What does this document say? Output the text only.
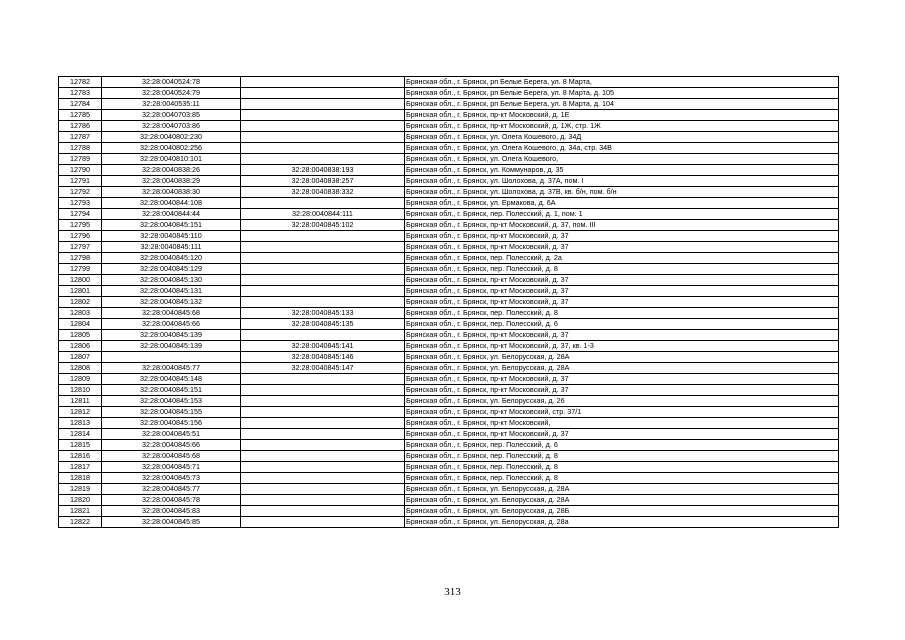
12782	32:28:0040524:78		Брянская обл., г. Брянск, рп Белые Берега, ул. 8 Марта,
12783	32:28:0040524:79		Брянская обл., г. Брянск, рп Белые Берега, ул. 8 Марта, д. 105
12784	32:28:0040535:11		Брянская обл., г. Брянск, рп Белые Берега, ул. 8 Марта, д. 104
12785	32:28:0040703:85		Брянская обл., г. Брянск, пр-кт Московский, д. 1Е
12786	32:28:0040703:86		Брянская обл., г. Брянск, пр-кт Московский, д. 1Ж, стр. 1Ж
12787	32:28:0040802:230		Брянская обл., г. Брянск, ул. Олега Кошевого, д. 34Д
12788	32:28:0040802:256		Брянская обл., г. Брянск, ул. Олега Кошевого, д. 34а, стр. 34В
12789	32:28:0040810:101		Брянская обл., г. Брянск, ул. Олега Кошевого,
12790	32:28:0040838:26	32:28:0040838:193	Брянская обл., г. Брянск, ул. Коммунаров, д. 35
12791	32:28:0040838:29	32:28:0040838:257	Брянская обл., г. Брянск, ул. Шолохова, д. 37А, пом. I
12792	32:28:0040838:30	32:28:0040838:332	Брянская обл., г. Брянск, ул. Шолохова, д. 37В, кв. б/н, пом. б/н
12793	32:28:0040844:108		Брянская обл., г. Брянск, ул. Ермакова, д. 6А
12794	32:28:0040844:44	32:28:0040844:111	Брянская обл., г. Брянск, пер. Полесский, д. 1, пом. 1
12795	32:28:0040845:151	32:28:0040845:102	Брянская обл., г. Брянск, пр-кт Московский, д. 37, пом. III
12796	32:28:0040845:110		Брянская обл., г. Брянск, пр-кт Московский, д. 37
12797	32:28:0040845:111		Брянская обл., г. Брянск, пр-кт Московский, д. 37
12798	32:28:0040845:120		Брянская обл., г. Брянск, пер. Полесский, д. 2а
12799	32:28:0040845:129		Брянская обл., г. Брянск, пер. Полесский, д. 8
12800	32:28:0040845:130		Брянская обл., г. Брянск, пр-кт Московский, д. 37
12801	32:28:0040845:131		Брянская обл., г. Брянск, пр-кт Московский, д. 37
12802	32:28:0040845:132		Брянская обл., г. Брянск, пр-кт Московский, д. 37
12803	32:28:0040845:68	32:28:0040845:133	Брянская обл., г. Брянск, пер. Полесский, д. 8
12804	32:28:0040845:66	32:28:0040845:135	Брянская обл., г. Брянск, пер. Полесский, д. 6
12805	32:28:0040845:139		Брянская обл., г. Брянск, пр-кт Московский, д. 37
12806	32:28:0040845:139	32:28:0040845:141	Брянская обл., г. Брянск, пр-кт Московский, д. 37, кв. 1-3
12807		32:28:0040845:146	Брянская обл., г. Брянск, ул. Белорусская, д. 28А
12808	32:28:0040845:77	32:28:0040845:147	Брянская обл., г. Брянск, ул. Белорусская, д. 28А
12809	32:28:0040845:148		Брянская обл., г. Брянск, пр-кт Московский, д. 37
12810	32:28:0040845:151		Брянская обл., г. Брянск, пр-кт Московский, д. 37
12811	32:28:0040845:153		Брянская обл., г. Брянск, ул. Белорусская, д. 26
12812	32:28:0040845:155		Брянская обл., г. Брянск, пр-кт Московский, стр. 37/1
12813	32:28:0040845:156		Брянская обл., г. Брянск, пр-кт Московский,
12814	32:28:0040845:51		Брянская обл., г. Брянск, пр-кт Московский, д. 37
12815	32:28:0040845:66		Брянская обл., г. Брянск, пер. Полесский, д. 6
12816	32:28:0040845:68		Брянская обл., г. Брянск, пер. Полесский, д. 8
12817	32:28:0040845:71		Брянская обл., г. Брянск, пер. Полесский, д. 8
12818	32:28:0040845:73		Брянская обл., г. Брянск, пер. Полесский, д. 8
12819	32:28:0040845:77		Брянская обл., г. Брянск, ул. Белорусская, д. 28А
12820	32:28:0040845:78		Брянская обл., г. Брянск, ул. Белорусская, д. 28А
12821	32:28:0040845:83		Брянская обл., г. Брянск, ул. Белорусская, д. 28Б
12822	32:28:0040845:85		Брянская обл., г. Брянск, ул. Белорусская, д. 28а
313
